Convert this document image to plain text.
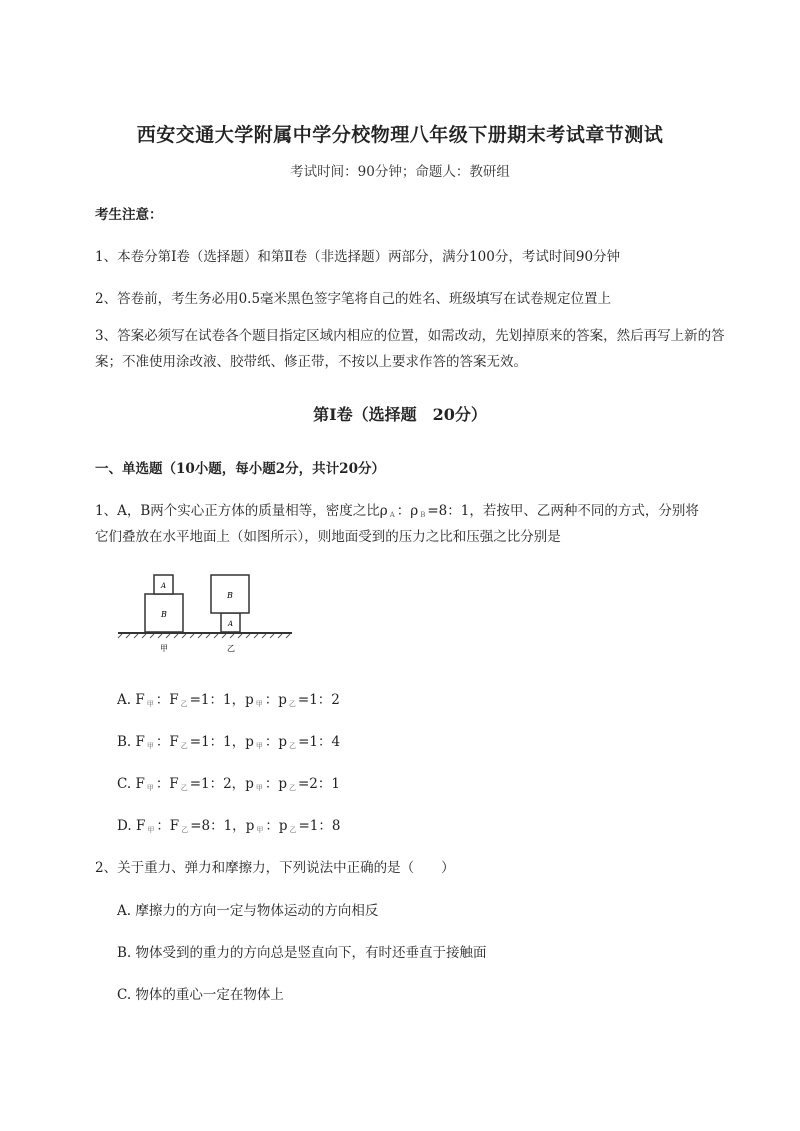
西安交通大学附属中学分校物理八年级下册期末考试章节测试
考试时间：90分钟；命题人：教研组
考生注意：
1、本卷分第I卷（选择题）和第Ⅱ卷（非选择题）两部分，满分100分，考试时间90分钟
2、答卷前，考生务必用0.5毫米黑色签字笔将自己的姓名、班级填写在试卷规定位置上
3、答案必须写在试卷各个题目指定区域内相应的位置，如需改动，先划掉原来的答案，然后再写上新的答案；不准使用涂改液、胶带纸、修正带，不按以上要求作答的答案无效。
第I卷（选择题　20分）
一、单选题（10小题，每小题2分，共计20分）
1、A，B两个实心正方体的质量相等，密度之比ρ $_A$ ：ρ $_B$ =8：1，若按甲、乙两种不同的方式，分别将
它们叠放在水平地面上（如图所示），则地面受到的压力之比和压强之比分别是
B
A
A
B
甲	乙
A. F $_甲$ ：F $_乙$ =1：1，p $_甲$ ：p $_乙$ =1：2
B. F $_甲$ ：F $_乙$ =1：1，p $_甲$ ：p $_乙$ =1：4
C. F $_甲$ ：F $_乙$ =1：2，p $_甲$ ：p $_乙$ =2：1
D. F $_甲$ ：F $_乙$ =8：1，p $_甲$ ：p $_乙$ =1：8
2、关于重力、弹力和摩擦力，下列说法中正确的是（　　）
A. 摩擦力的方向一定与物体运动的方向相反
B. 物体受到的重力的方向总是竖直向下，有时还垂直于接触面
C. 物体的重心一定在物体上
